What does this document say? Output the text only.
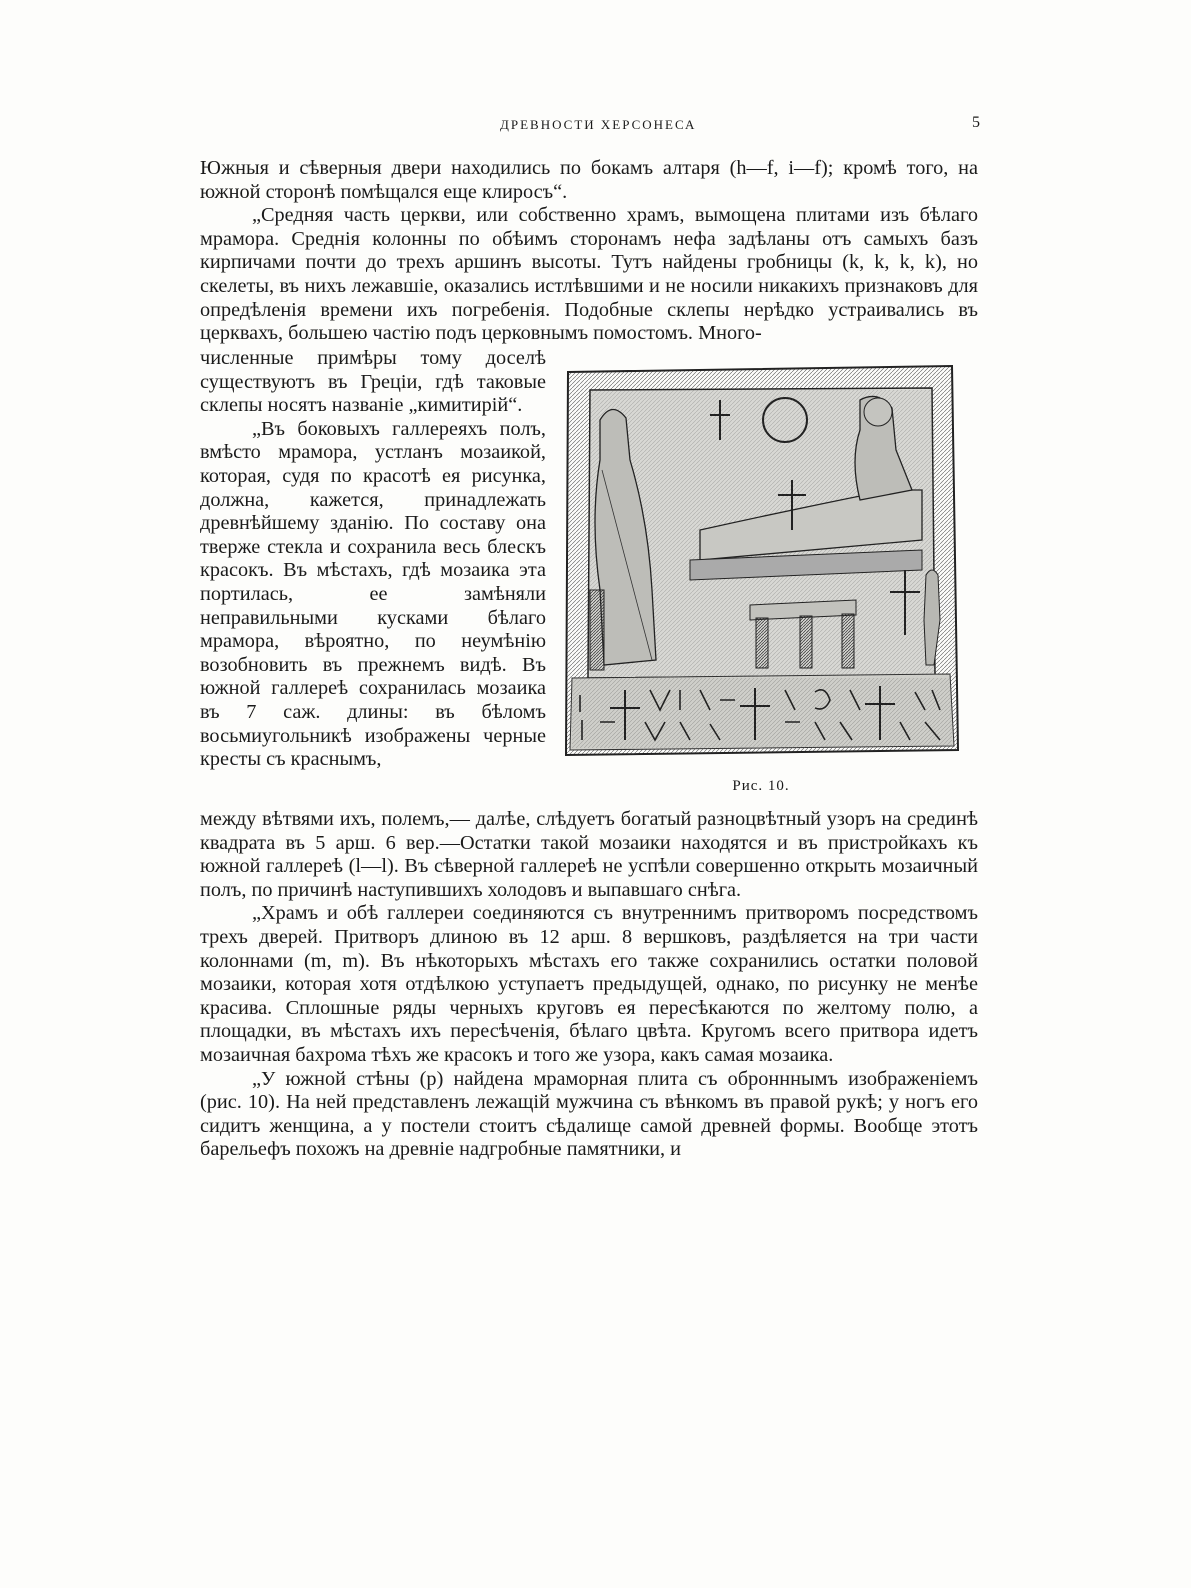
ДРЕВНОСТИ ХЕРСОНЕСА	5

Южныя и сѣверныя двери находились по бокамъ алтаря (h—f, i—f); кромѣ того, на южной сторонѣ помѣщался еще клиросъ“.

„Средняя часть церкви, или собственно храмъ, вымощена плитами изъ бѣлаго мрамора. Среднія колонны по обѣимъ сторонамъ нефа задѣланы отъ самыхъ базъ кирпичами почти до трехъ аршинъ высоты. Тутъ найдены гробницы (k, k, k, k), но скелеты, въ нихъ лежавшіе, оказались истлѣвшими и не носили никакихъ признаковъ для опредѣленія времени ихъ погребенія. Подобные склепы нерѣдко устраивались въ церквахъ, большею частію подъ церковнымъ помостомъ. Много-

численные примѣры тому доселѣ существуютъ въ Греціи, гдѣ таковые склепы носятъ названіе „кимитирій“.

„Въ боковыхъ галлереяхъ полъ, вмѣсто мрамора, устланъ мозаикой, которая, судя по красотѣ ея рисунка, должна, кажется, принадлежать древнѣйшему зданію. По составу она тверже стекла и сохранила весь блескъ красокъ. Въ мѣстахъ, гдѣ мозаика эта портилась, ее замѣняли неправильными кусками бѣлаго мрамора, вѣроятно, по неумѣнію возобновить въ прежнемъ видѣ. Въ южной галлереѣ сохранилась мозаика въ 7 саж. длины: въ бѣломъ восьмиугольникѣ изображены черные кресты съ краснымъ,

Рис. 10.

между вѣтвями ихъ, полемъ,— далѣе, слѣдуетъ богатый разноцвѣтный узоръ на срединѣ квадрата въ 5 арш. 6 вер.—Остатки такой мозаики находятся и въ пристройкахъ къ южной галлереѣ (l—l). Въ сѣверной галлереѣ не успѣли совершенно открыть мозаичный полъ, по причинѣ наступившихъ холодовъ и выпавшаго снѣга.

„Храмъ и обѣ галлереи соединяются съ внутреннимъ притворомъ посредствомъ трехъ дверей. Притворъ длиною въ 12 арш. 8 вершковъ, раздѣляется на три части колоннами (m, m). Въ нѣкоторыхъ мѣстахъ его также сохранились остатки половой мозаики, которая хотя отдѣлкою уступаетъ предыдущей, однако, по рисунку не менѣе красива. Сплошные ряды черныхъ круговъ ея пересѣкаются по желтому полю, а площадки, въ мѣстахъ ихъ пересѣченія, бѣлаго цвѣта. Кругомъ всего притвора идетъ мозаичная бахрома тѣхъ же красокъ и того же узора, какъ самая мозаика.

„У южной стѣны (p) найдена мраморная плита съ обронннымъ изображеніемъ (рис. 10). На ней представленъ лежащій мужчина съ вѣнкомъ въ правой рукѣ; у ногъ его сидитъ женщина, а у постели стоитъ сѣдалище самой древней формы. Вообще этотъ барельефъ похожъ на древніе надгробные памятники, и
